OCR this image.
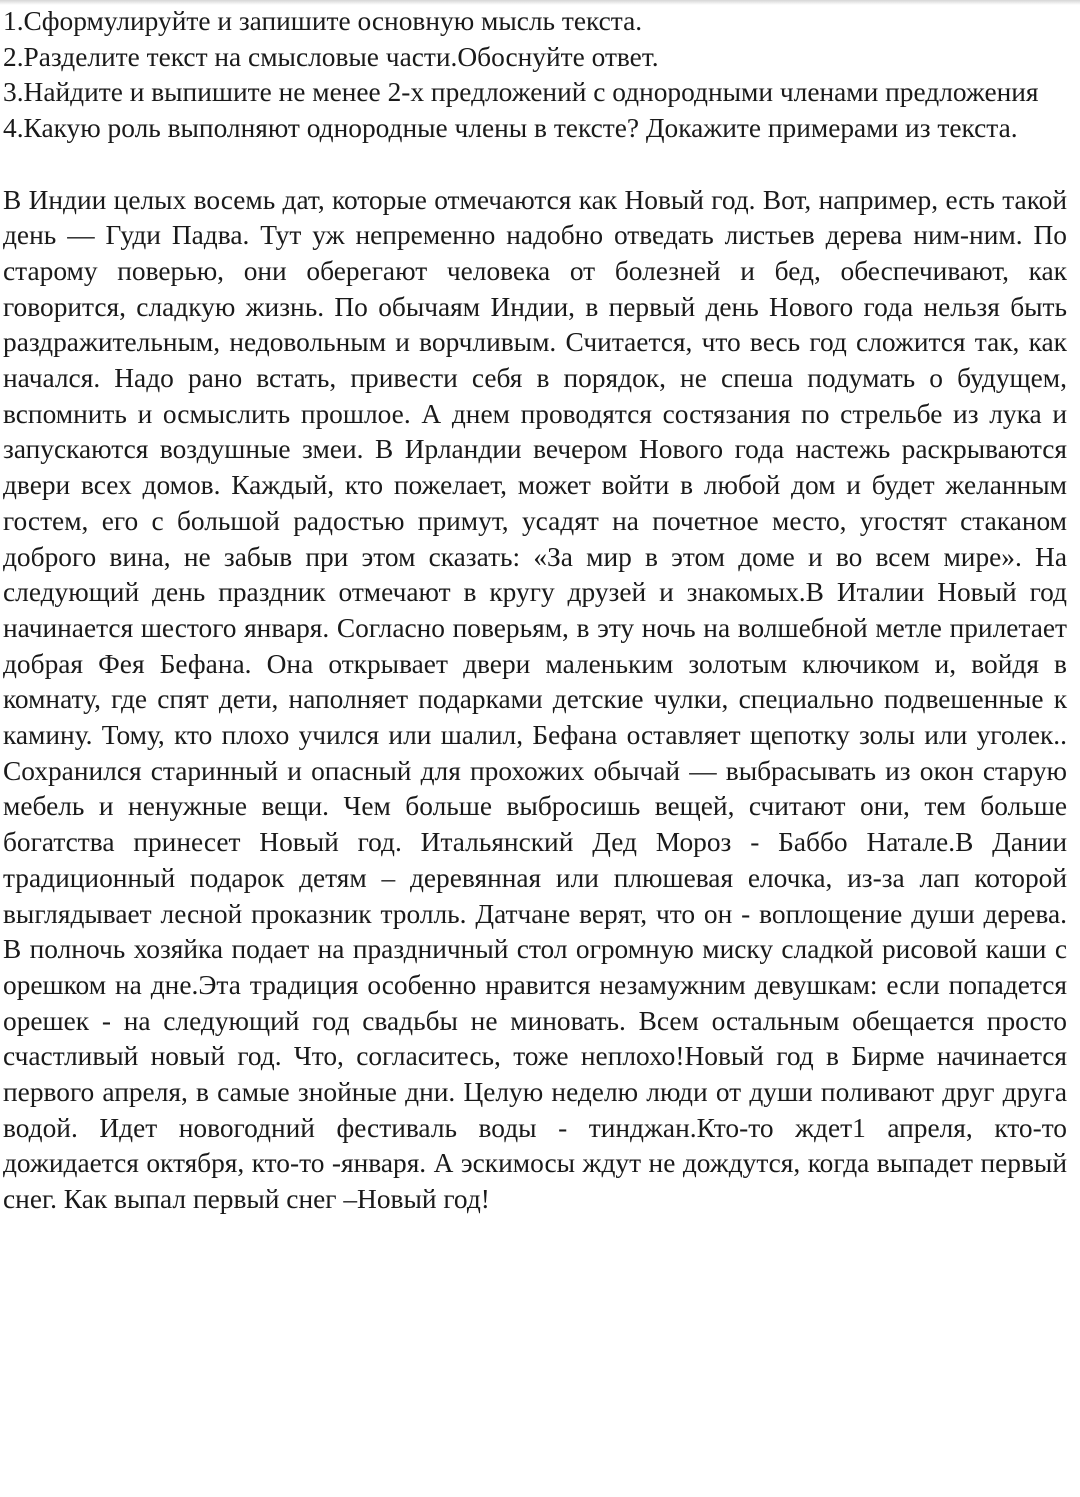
1.Сформулируйте и запишите основную мысль текста.

2.Разделите текст на смысловые части.Обоснуйте ответ.

3.Найдите и выпишите не менее 2-х предложений с однородными членами предложения

4.Какую роль выполняют однородные члены в тексте? Докажите примерами из текста.

В Индии целых восемь дат, которые отмечаются как Новый год. Вот, например, есть такой день — Гуди Падва. Тут уж непременно надобно отведать листьев дерева ним-ним. По старому поверью, они оберегают человека от болезней и бед, обеспечивают, как говорится, сладкую жизнь. По обычаям Индии, в первый день Нового года нельзя быть раздражительным, недовольным и ворчливым. Считается, что весь год сложится так, как начался. Надо рано встать, привести себя в порядок, не спеша подумать о будущем, вспомнить и осмыслить прошлое. А днем проводятся состязания по стрельбе из лука и запускаются воздушные змеи. В Ирландии вечером Нового года настежь раскрываются двери всех домов. Каждый, кто пожелает, может войти в любой дом и будет желанным гостем, его с большой радостью примут, усадят на почетное место, угостят стаканом доброго вина, не забыв при этом сказать: «За мир в этом доме и во всем мире». На следующий день праздник отмечают в кругу друзей и знакомых.В Италии Новый год начинается шестого января. Согласно поверьям, в эту ночь на волшебной метле прилетает добрая Фея Бефана. Она открывает двери маленьким золотым ключиком и, войдя в комнату, где спят дети, наполняет подарками детские чулки, специально подвешенные к камину. Тому, кто плохо учился или шалил, Бефана оставляет щепотку золы или уголек.. Сохранился старинный и опасный для прохожих обычай — выбрасывать из окон старую мебель и ненужные вещи. Чем больше выбросишь вещей, считают они, тем больше богатства принесет Новый год. Итальянский Дед Мороз - Баббо Натале.В Дании традиционный подарок детям – деревянная или плюшевая елочка, из-за лап которой выглядывает лесной проказник тролль. Датчане верят, что он - воплощение души дерева. В полночь хозяйка подает на праздничный стол огромную миску сладкой рисовой каши с орешком на дне.Эта традиция особенно нравится незамужним девушкам: если попадется орешек - на следующий год свадьбы не миновать. Всем остальным обещается просто счастливый новый год. Что, согласитесь, тоже неплохо!Новый год в Бирме начинается первого апреля, в самые знойные дни. Целую неделю люди от души поливают друг друга водой. Идет новогодний фестиваль воды - тинджан.Кто-то ждет1 апреля, кто-то дожидается октября, кто-то -января. А эскимосы ждут не дождутся, когда выпадет первый снег. Как выпал первый снег –Новый год!
